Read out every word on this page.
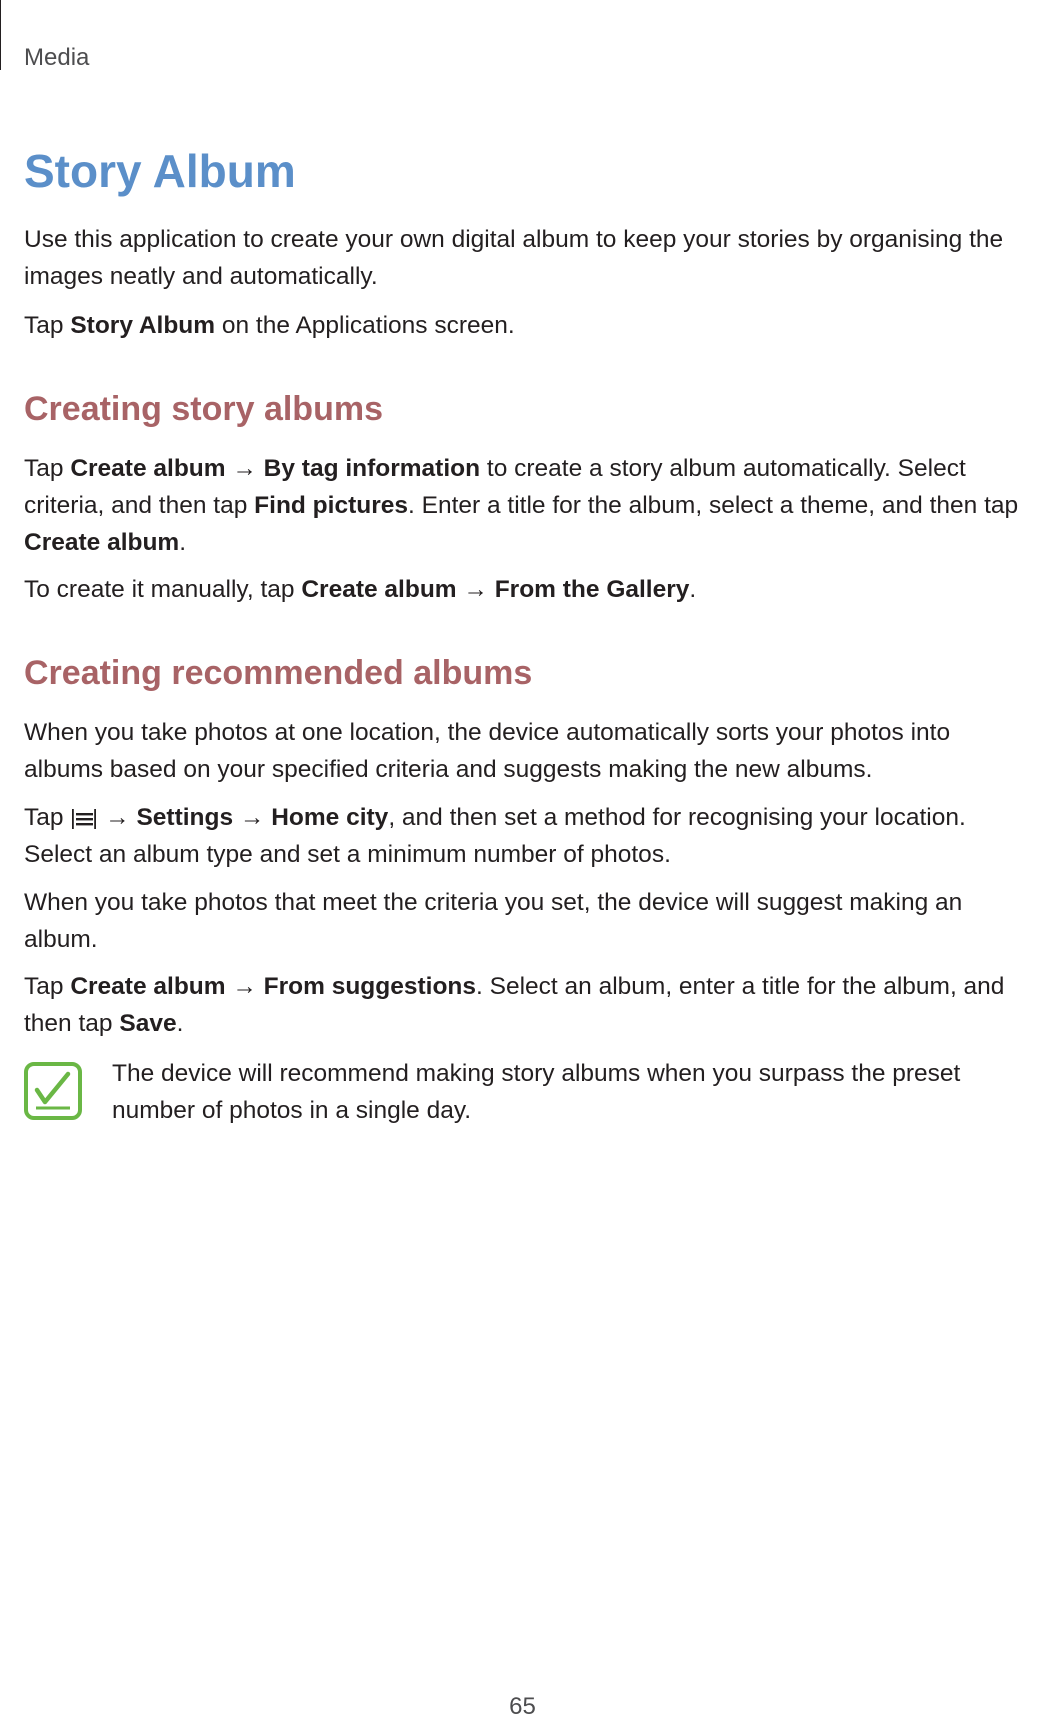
Media
Story Album

Use this application to create your own digital album to keep your stories by organising the images neatly and automatically.

Tap Story Album on the Applications screen.

Creating story albums

Tap Create album → By tag information to create a story album automatically. Select criteria, and then tap Find pictures. Enter a title for the album, select a theme, and then tap Create album.

To create it manually, tap Create album → From the Gallery.

Creating recommended albums

When you take photos at one location, the device automatically sorts your photos into albums based on your specified criteria and suggests making the new albums.

Tap  → Settings → Home city, and then set a method for recognising your location. Select an album type and set a minimum number of photos.

When you take photos that meet the criteria you set, the device will suggest making an album.

Tap Create album → From suggestions. Select an album, enter a title for the album, and then tap Save.

The device will recommend making story albums when you surpass the preset number of photos in a single day.

65
